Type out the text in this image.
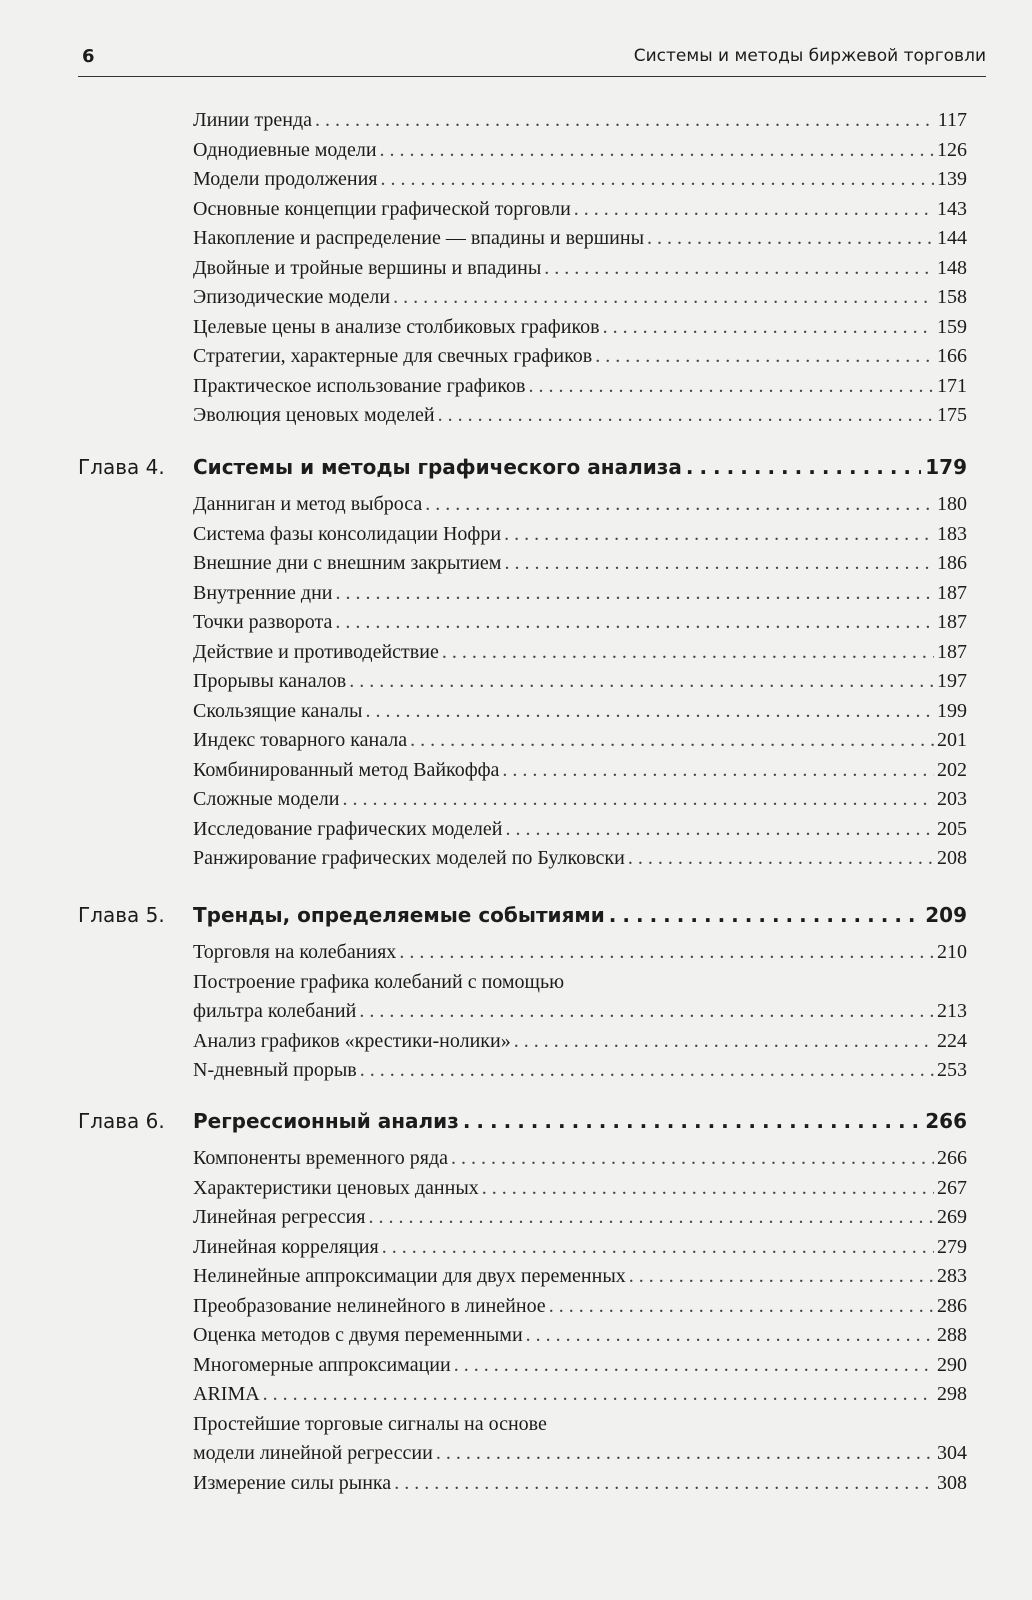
6	Системы и методы биржевой торговли
Линии тренда .....	117
Однодиевные модели .....	126
Модели продолжения .....	139
Основные концепции графической торговли .....	143
Накопление и распределение — впадины и вершины .....	144
Двойные и тройные вершины и впадины .....	148
Эпизодические модели .....	158
Целевые цены в анализе столбиковых графиков .....	159
Стратегии, характерные для свечных графиков .....	166
Практическое использование графиков .....	171
Эволюция ценовых моделей .....	175
Глава 4.	Системы и методы графического анализа .....	179
Данниган и метод выброса .....	180
Система фазы консолидации Нофри .....	183
Внешние дни с внешним закрытием .....	186
Внутренние дни .....	187
Точки разворота .....	187
Действие и противодействие .....	187
Прорывы каналов .....	197
Скользящие каналы .....	199
Индекс товарного канала .....	201
Комбинированный метод Вайкоффа .....	202
Сложные модели .....	203
Исследование графических моделей .....	205
Ранжирование графических моделей по Булковски .....	208
Глава 5.	Тренды, определяемые событиями .....	209
Торговля на колебаниях .....	210
Построение графика колебаний с помощью
фильтра колебаний .....	213
Анализ графиков «крестики-нолики» .....	224
N-дневный прорыв .....	253
Глава 6.	Регрессионный анализ .....	266
Компоненты временного ряда .....	266
Характеристики ценовых данных .....	267
Линейная регрессия .....	269
Линейная корреляция .....	279
Нелинейные аппроксимации для двух переменных .....	283
Преобразование нелинейного в линейное .....	286
Оценка методов с двумя переменными .....	288
Многомерные аппроксимации .....	290
ARIMA .....	298
Простейшие торговые сигналы на основе
модели линейной регрессии .....	304
Измерение силы рынка .....	308
